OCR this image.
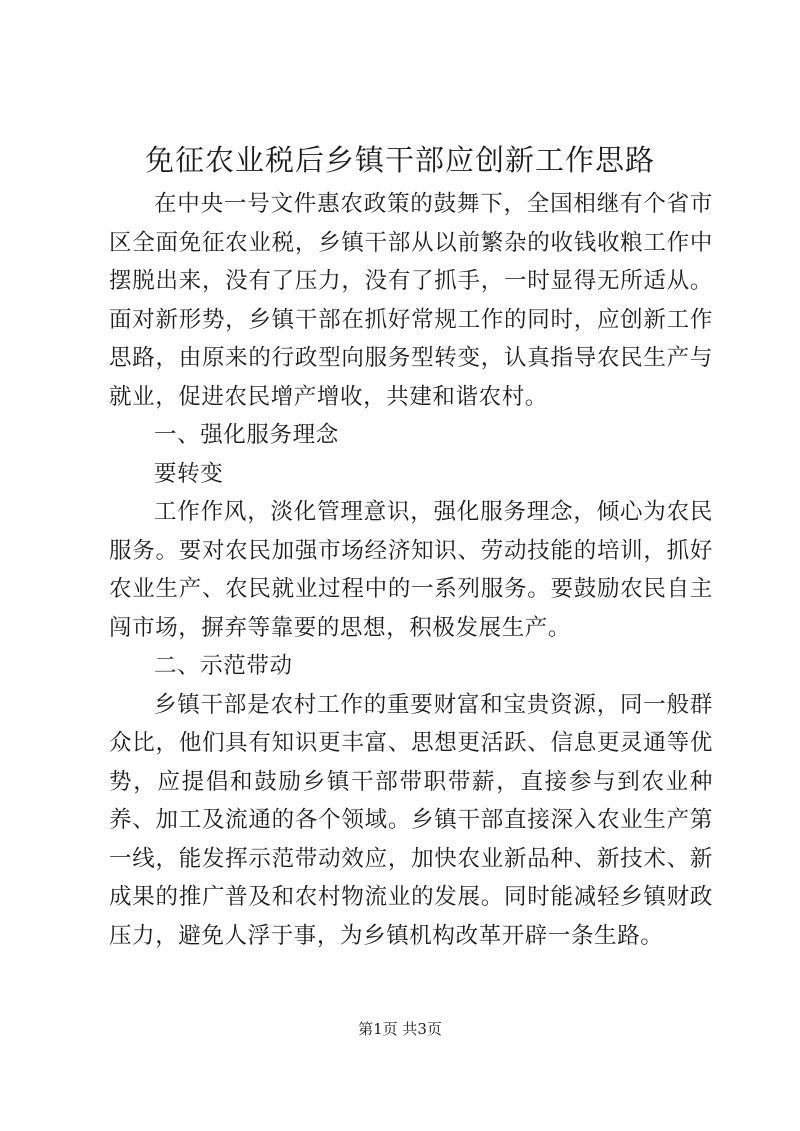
免征农业税后乡镇干部应创新工作思路

在中央一号文件惠农政策的鼓舞下，全国相继有个省市区全面免征农业税，乡镇干部从以前繁杂的收钱收粮工作中摆脱出来，没有了压力，没有了抓手，一时显得无所适从。面对新形势，乡镇干部在抓好常规工作的同时，应创新工作思路，由原来的行政型向服务型转变，认真指导农民生产与就业，促进农民增产增收，共建和谐农村。

一、强化服务理念

要转变

工作作风，淡化管理意识，强化服务理念，倾心为农民服务。要对农民加强市场经济知识、劳动技能的培训，抓好农业生产、农民就业过程中的一系列服务。要鼓励农民自主闯市场，摒弃等靠要的思想，积极发展生产。

二、示范带动

乡镇干部是农村工作的重要财富和宝贵资源，同一般群众比，他们具有知识更丰富、思想更活跃、信息更灵通等优势，应提倡和鼓励乡镇干部带职带薪，直接参与到农业种养、加工及流通的各个领域。乡镇干部直接深入农业生产第一线，能发挥示范带动效应，加快农业新品种、新技术、新成果的推广普及和农村物流业的发展。同时能减轻乡镇财政压力，避免人浮于事，为乡镇机构改革开辟一条生路。

第1页 共3页
